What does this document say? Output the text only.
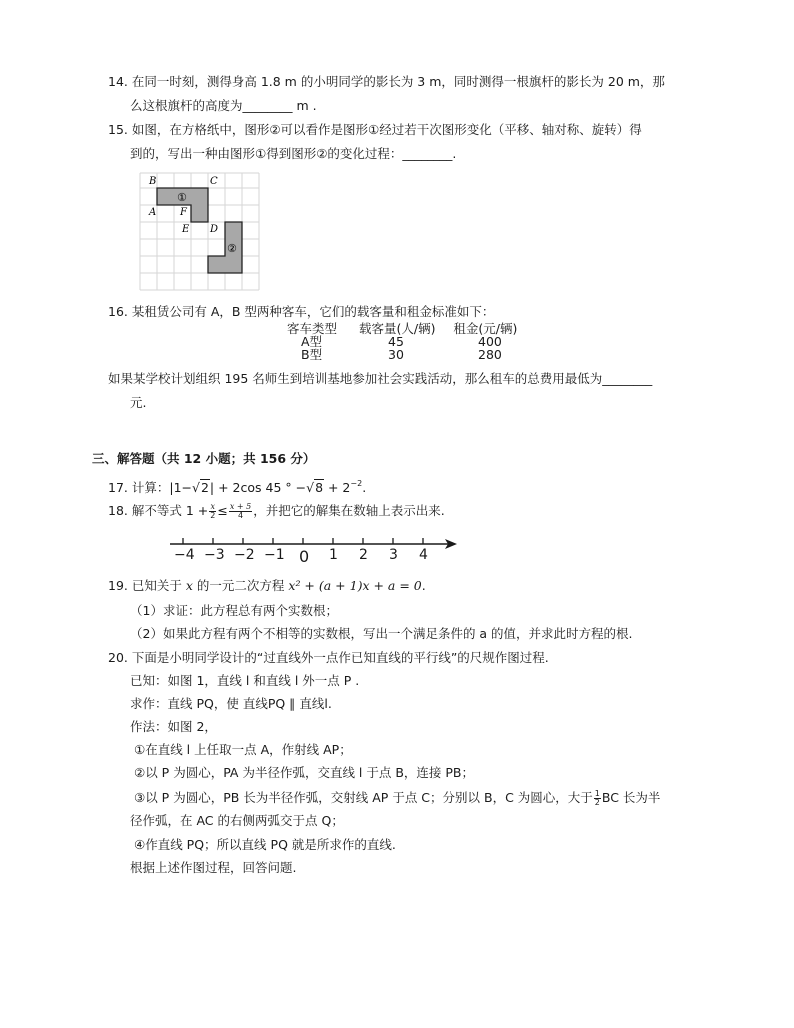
14. 在同一时刻，测得身高 1.8 m 的小明同学的影长为 3 m，同时测得一根旗杆的影长为 20 m，那
么这根旗杆的高度为________ m .
15. 如图，在方格纸中，图形②可以看作是图形①经过若干次图形变化（平移、轴对称、旋转）得
到的，写出一种由图形①得到图形②的变化过程：________.
B	C
A F
E D
①
②
16. 某租赁公司有 A，B 型两种客车，它们的载客量和租金标准如下：
客车类型 载客量(人/辆) 租金(元/辆)
A型	45	400
B型	30	280
如果某学校计划组织 195 名师生到培训基地参加社会实践活动，那么租车的总费用最低为________
元.
三、解答题（共 12 小题；共 156 分）
17. 计算：|1−√2| + 2cos 45 ° $-√8 + 2^{-2}$.
18. 解不等式 $1 + \frac{x}{2} \le \frac{x + 5}{4}$ ，并把它的解集在数轴上表示出来.
−4 −3 −2 −1 0 1 2 3 4
19. 已知关于 x 的一元二次方程 x² + (a + 1)x + a = 0.
（1）求证：此方程总有两个实数根；
（2）如果此方程有两个不相等的实数根，写出一个满足条件的 a 的值，并求此时方程的根.
20. 下面是小明同学设计的“过直线外一点作已知直线的平行线”的尺规作图过程.
已知：如图 1，直线 l 和直线 l 外一点 P .
求作：直线 PQ，使 直线PQ ∥ 直线l.
作法：如图 2，
①在直线 l 上任取一点 A，作射线 AP；
②以 P 为圆心，PA 为半径作弧，交直线 l 于点 B，连接 PB；
③以 P 为圆心，PB 长为半径作弧，交射线 AP 于点 C；分别以 B，C 为圆心，大于 $\frac{1}{2}$ BC 长为半
径作弧，在 AC 的右侧两弧交于点 Q；
④作直线 PQ；所以直线 PQ 就是所求作的直线.
根据上述作图过程，回答问题.
